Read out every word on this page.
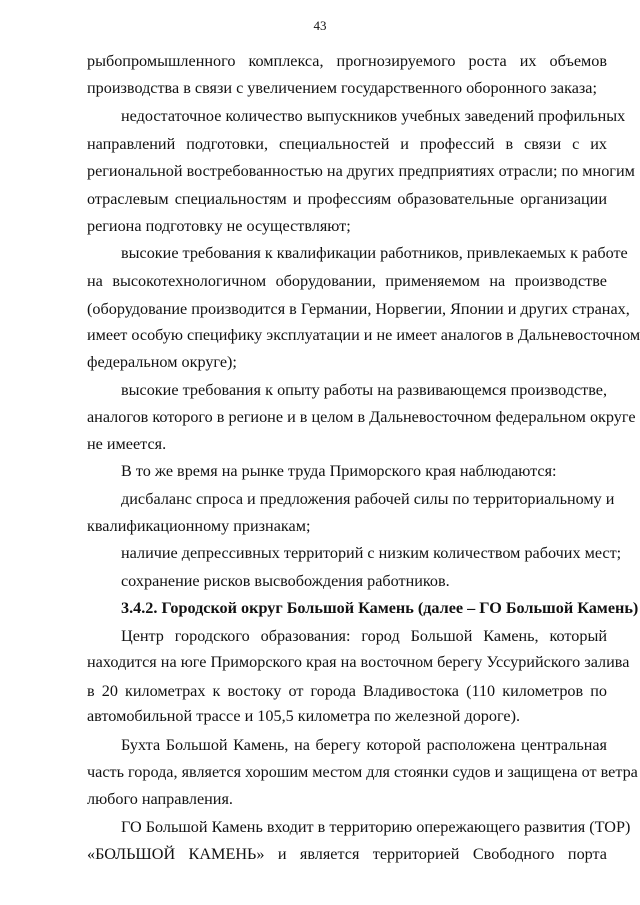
43
рыбопромышленного комплекса, прогнозируемого роста их объемов
производства в связи с увеличением государственного оборонного заказа;
недостаточное количество выпускников учебных заведений профильных
направлений подготовки, специальностей и профессий в связи с их
региональной востребованностью на других предприятиях отрасли; по многим
отраслевым специальностям и профессиям образовательные организации
региона подготовку не осуществляют;
высокие требования к квалификации работников, привлекаемых к работе
на высокотехнологичном оборудовании, применяемом на производстве
(оборудование производится в Германии, Норвегии, Японии и других странах,
имеет особую специфику эксплуатации и не имеет аналогов в Дальневосточном
федеральном округе);
высокие требования к опыту работы на развивающемся производстве,
аналогов которого в регионе и в целом в Дальневосточном федеральном округе
не имеется.
В то же время на рынке труда Приморского края наблюдаются:
дисбаланс спроса и предложения рабочей силы по территориальному и
квалификационному признакам;
наличие депрессивных территорий с низким количеством рабочих мест;
сохранение рисков высвобождения работников.
3.4.2. Городской округ Большой Камень (далее – ГО Большой Камень)
Центр городского образования: город Большой Камень, который
находится на юге Приморского края на восточном берегу Уссурийского залива
в 20 километрах к востоку от города Владивостока (110 километров по
автомобильной трассе и 105,5 километра по железной дороге).
Бухта Большой Камень, на берегу которой расположена центральная
часть города, является хорошим местом для стоянки судов и защищена от ветра
любого направления.
ГО Большой Камень входит в территорию опережающего развития (ТОР)
«БОЛЬШОЙ КАМЕНЬ» и является территорией Свободного порта
